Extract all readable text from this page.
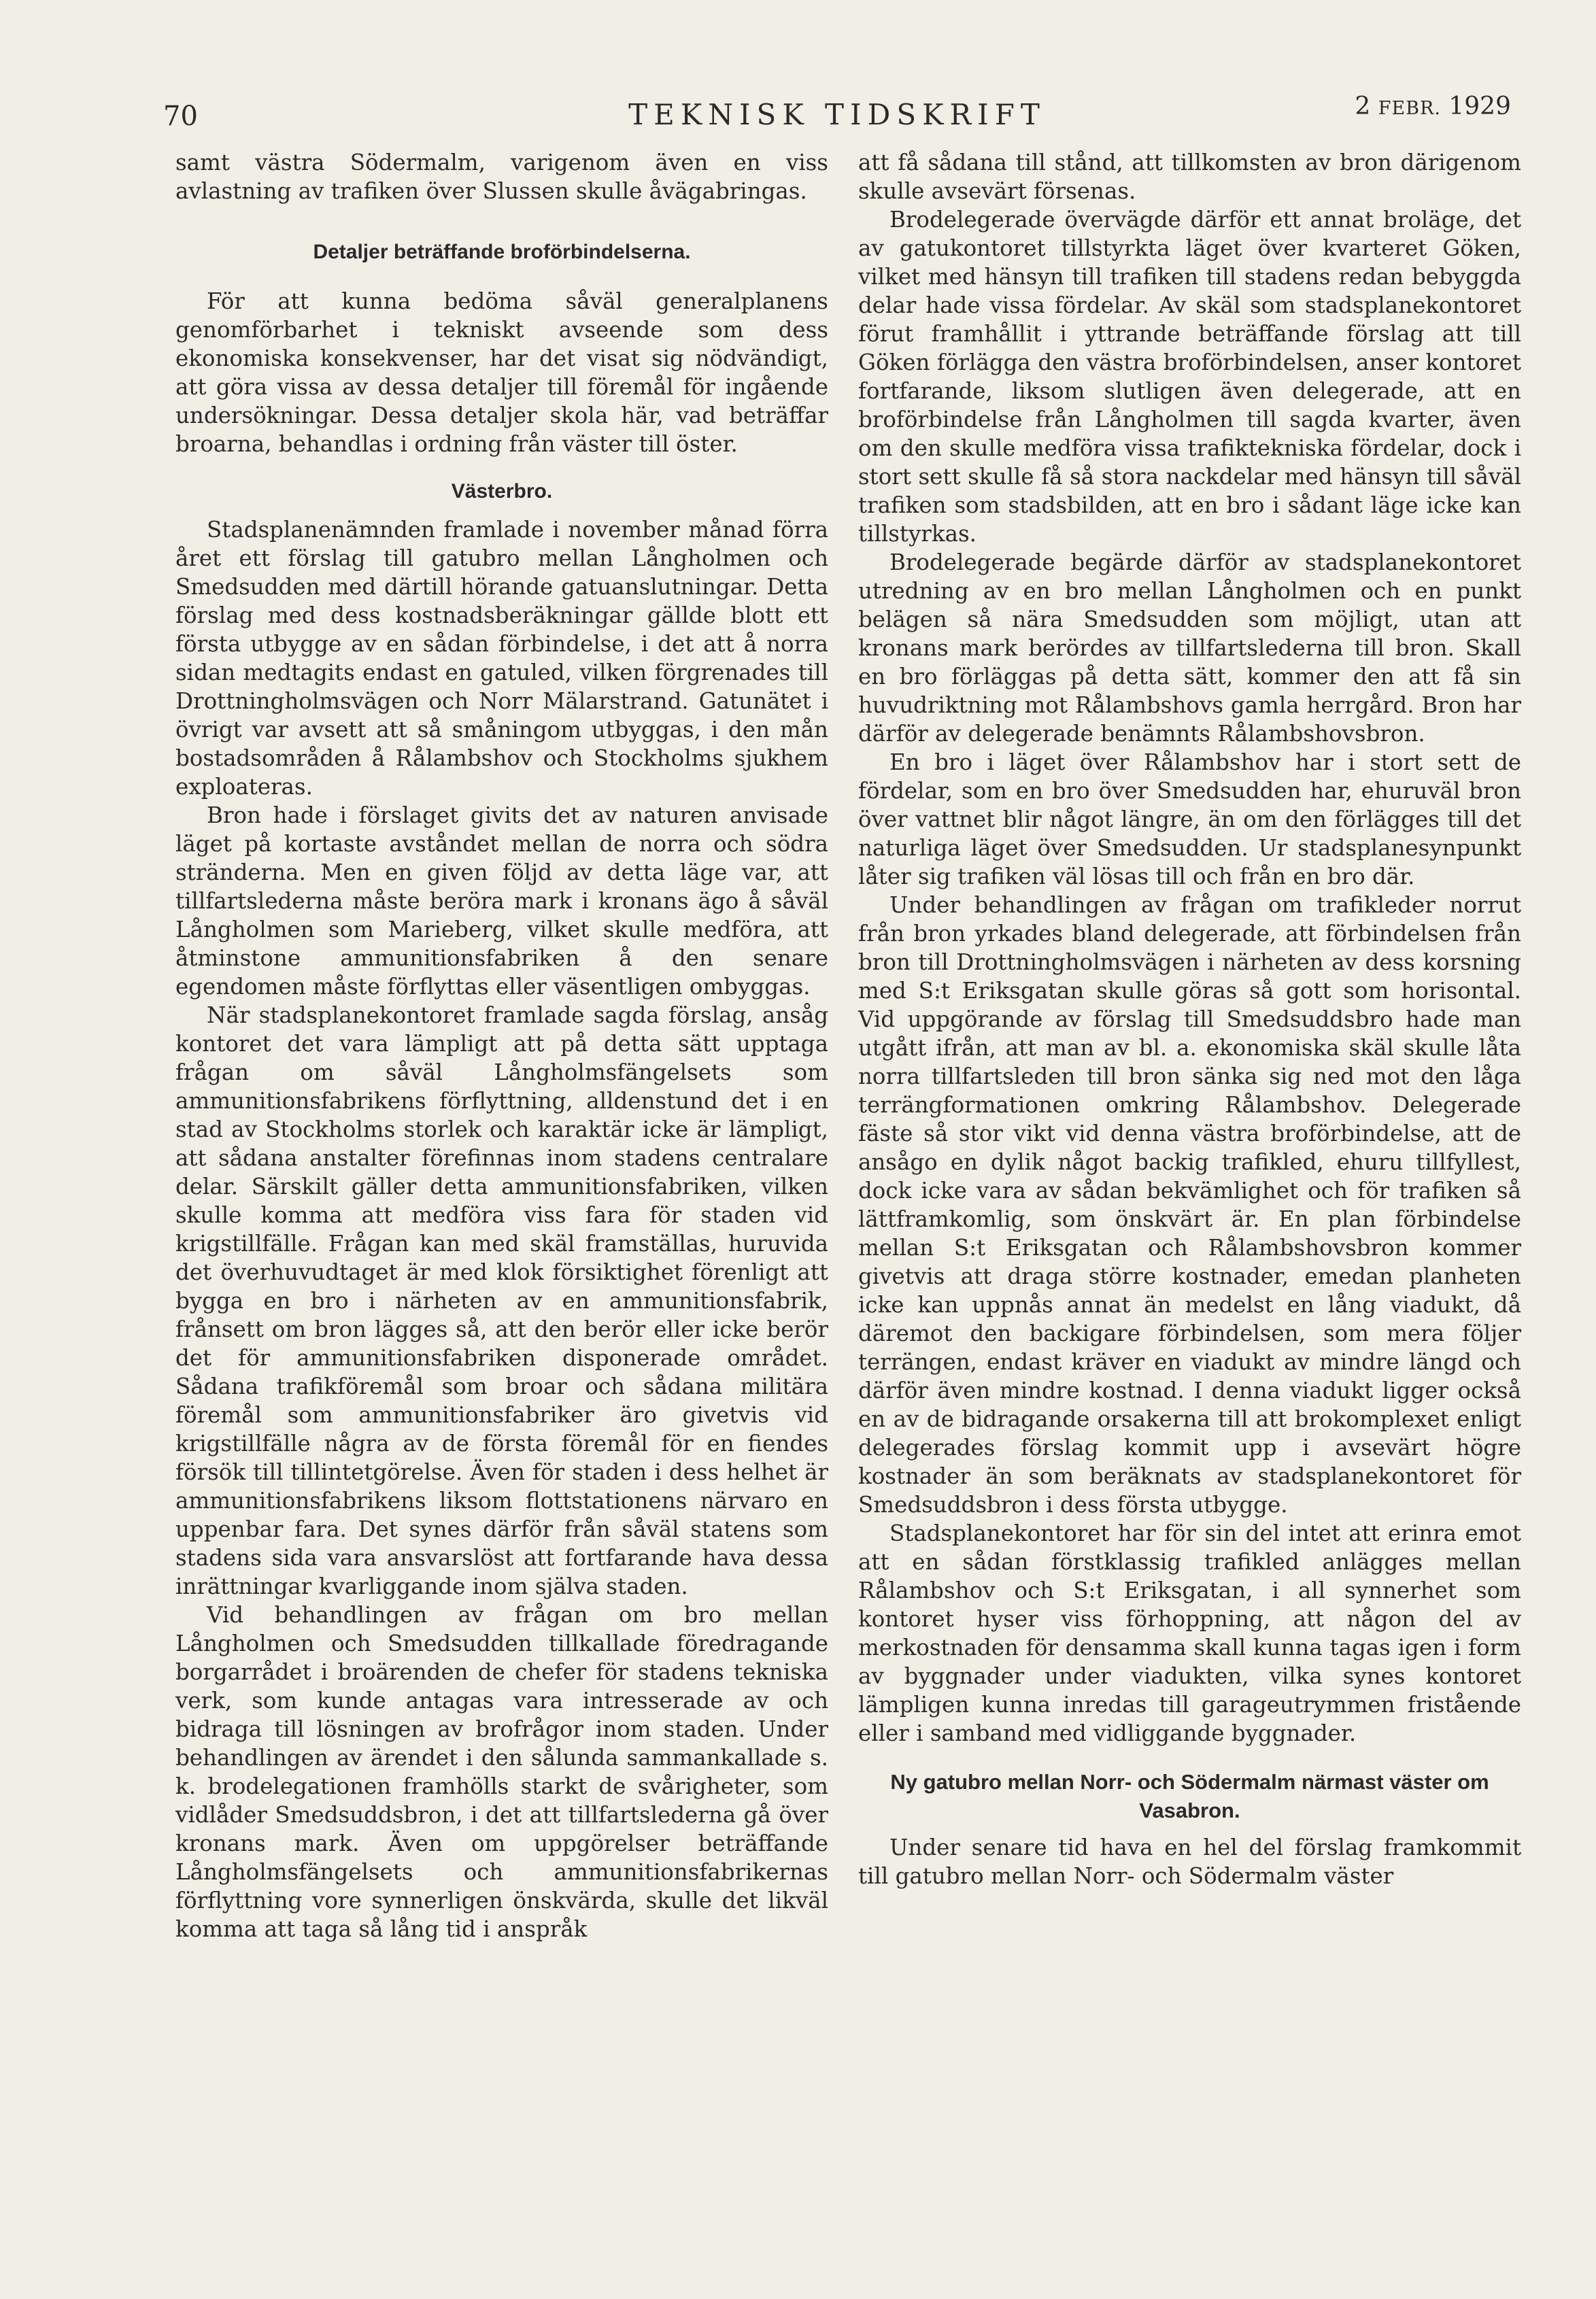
70	TEKNISK TIDSKRIFT	2 FEBR. 1929

samt västra Södermalm, varigenom även en viss avlastning av trafiken över Slussen skulle åvägabringas.

Detaljer beträffande broförbindelserna.

För att kunna bedöma såväl generalplanens genomförbarhet i tekniskt avseende som dess ekonomiska konsekvenser, har det visat sig nödvändigt, att göra vissa av dessa detaljer till föremål för ingående undersökningar. Dessa detaljer skola här, vad beträffar broarna, behandlas i ordning från väster till öster.

Västerbro.

Stadsplanenämnden framlade i november månad förra året ett förslag till gatubro mellan Långholmen och Smedsudden med därtill hörande gatuanslutningar. Detta förslag med dess kostnadsberäkningar gällde blott ett första utbygge av en sådan förbindelse, i det att å norra sidan medtagits endast en gatuled, vilken förgrenades till Drottningholmsvägen och Norr Mälarstrand. Gatunätet i övrigt var avsett att så småningom utbyggas, i den mån bostadsområden å Rålambshov och Stockholms sjukhem exploateras.

Bron hade i förslaget givits det av naturen anvisade läget på kortaste avståndet mellan de norra och södra stränderna. Men en given följd av detta läge var, att tillfartslederna måste beröra mark i kronans ägo å såväl Långholmen som Marieberg, vilket skulle medföra, att åtminstone ammunitionsfabriken å den senare egendomen måste förflyttas eller väsentligen ombyggas.

När stadsplanekontoret framlade sagda förslag, ansåg kontoret det vara lämpligt att på detta sätt upptaga frågan om såväl Långholmsfängelsets som ammunitionsfabrikens förflyttning, alldenstund det i en stad av Stockholms storlek och karaktär icke är lämpligt, att sådana anstalter förefinnas inom stadens centralare delar. Särskilt gäller detta ammunitionsfabriken, vilken skulle komma att medföra viss fara för staden vid krigstillfälle. Frågan kan med skäl framställas, huruvida det överhuvudtaget är med klok försiktighet förenligt att bygga en bro i närheten av en ammunitionsfabrik, frånsett om bron lägges så, att den berör eller icke berör det för ammunitionsfabriken disponerade området. Sådana trafikföremål som broar och sådana militära föremål som ammunitionsfabriker äro givetvis vid krigstillfälle några av de första föremål för en fiendes försök till tillintetgörelse. Även för staden i dess helhet är ammunitionsfabrikens liksom flottstationens närvaro en uppenbar fara. Det synes därför från såväl statens som stadens sida vara ansvarslöst att fortfarande hava dessa inrättningar kvarliggande inom själva staden.

Vid behandlingen av frågan om bro mellan Långholmen och Smedsudden tillkallade föredragande borgarrådet i broärenden de chefer för stadens tekniska verk, som kunde antagas vara intresserade av och bidraga till lösningen av brofrågor inom staden. Under behandlingen av ärendet i den sålunda sammankallade s. k. brodelegationen framhölls starkt de svårigheter, som vidlåder Smedsuddsbron, i det att tillfartslederna gå över kronans mark. Även om uppgörelser beträffande Långholmsfängelsets och ammunitionsfabrikernas förflyttning vore synnerligen önskvärda, skulle det likväl komma att taga så lång tid i anspråk

att få sådana till stånd, att tillkomsten av bron därigenom skulle avsevärt försenas.

Brodelegerade övervägde därför ett annat broläge, det av gatukontoret tillstyrkta läget över kvarteret Göken, vilket med hänsyn till trafiken till stadens redan bebyggda delar hade vissa fördelar. Av skäl som stadsplanekontoret förut framhållit i yttrande beträffande förslag att till Göken förlägga den västra broförbindelsen, anser kontoret fortfarande, liksom slutligen även delegerade, att en broförbindelse från Långholmen till sagda kvarter, även om den skulle medföra vissa trafiktekniska fördelar, dock i stort sett skulle få så stora nackdelar med hänsyn till såväl trafiken som stadsbilden, att en bro i sådant läge icke kan tillstyrkas.

Brodelegerade begärde därför av stadsplanekontoret utredning av en bro mellan Långholmen och en punkt belägen så nära Smedsudden som möjligt, utan att kronans mark berördes av tillfartslederna till bron. Skall en bro förläggas på detta sätt, kommer den att få sin huvudriktning mot Rålambshovs gamla herrgård. Bron har därför av delegerade benämnts Rålambshovsbron.

En bro i läget över Rålambshov har i stort sett de fördelar, som en bro över Smedsudden har, ehuruväl bron över vattnet blir något längre, än om den förlägges till det naturliga läget över Smedsudden. Ur stadsplanesynpunkt låter sig trafiken väl lösas till och från en bro där.

Under behandlingen av frågan om trafikleder norrut från bron yrkades bland delegerade, att förbindelsen från bron till Drottningholmsvägen i närheten av dess korsning med S:t Eriksgatan skulle göras så gott som horisontal. Vid uppgörande av förslag till Smedsuddsbro hade man utgått ifrån, att man av bl. a. ekonomiska skäl skulle låta norra tillfartsleden till bron sänka sig ned mot den låga terrängformationen omkring Rålambshov. Delegerade fäste så stor vikt vid denna västra broförbindelse, att de ansågo en dylik något backig trafikled, ehuru tillfyllest, dock icke vara av sådan bekvämlighet och för trafiken så lättframkomlig, som önskvärt är. En plan förbindelse mellan S:t Eriksgatan och Rålambshovsbron kommer givetvis att draga större kostnader, emedan planheten icke kan uppnås annat än medelst en lång viadukt, då däremot den backigare förbindelsen, som mera följer terrängen, endast kräver en viadukt av mindre längd och därför även mindre kostnad. I denna viadukt ligger också en av de bidragande orsakerna till att brokomplexet enligt delegerades förslag kommit upp i avsevärt högre kostnader än som beräknats av stadsplanekontoret för Smedsuddsbron i dess första utbygge.

Stadsplanekontoret har för sin del intet att erinra emot att en sådan förstklassig trafikled anlägges mellan Rålambshov och S:t Eriksgatan, i all synnerhet som kontoret hyser viss förhoppning, att någon del av merkostnaden för densamma skall kunna tagas igen i form av byggnader under viadukten, vilka synes kontoret lämpligen kunna inredas till garageutrymmen fristående eller i samband med vidliggande byggnader.

Ny gatubro mellan Norr- och Södermalm närmast väster om Vasabron.

Under senare tid hava en hel del förslag framkommit till gatubro mellan Norr- och Södermalm väster
